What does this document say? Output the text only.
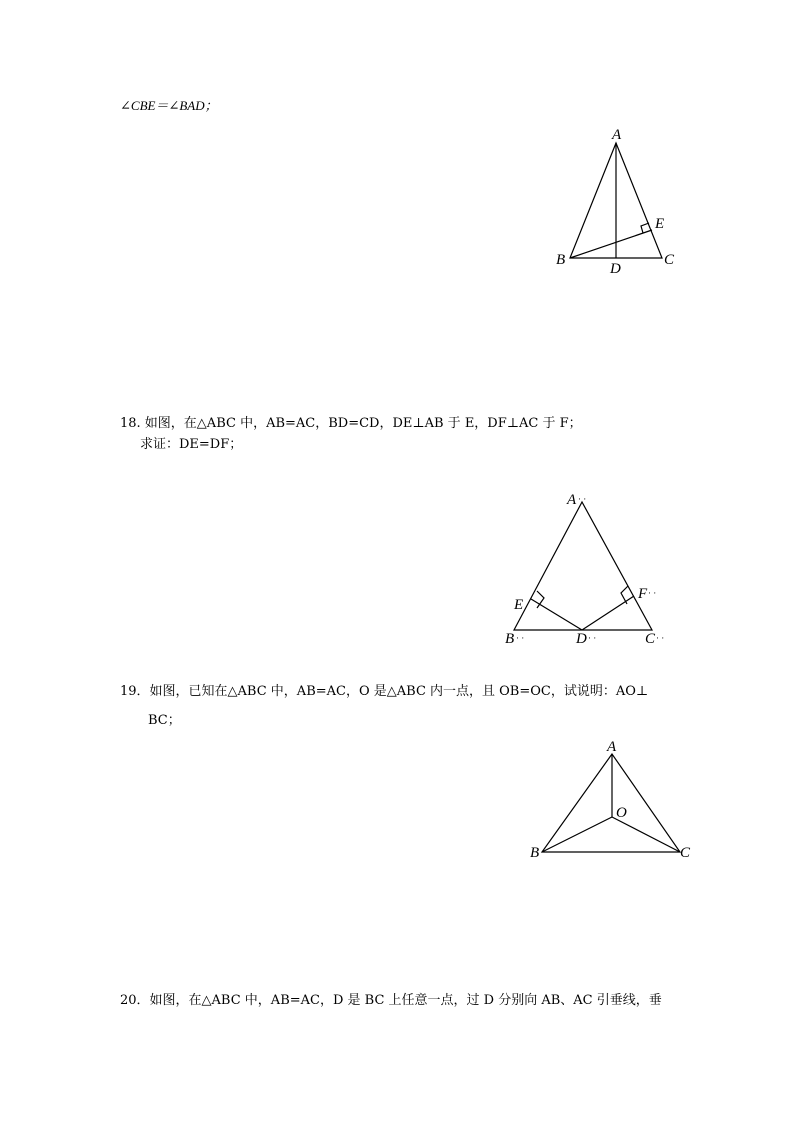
∠CBE＝∠BAD；
A
B	C
D
E
18. 如图，在△ABC 中，AB=AC，BD=CD，DE⊥AB 于 E，DF⊥AC 于 F；
求证：DE=DF；
A · ·
B · ·	C · ·
D · ·
E
F · ·
19．如图，已知在△ABC 中，AB=AC，O 是△ABC 内一点，且 OB=OC，试说明：AO⊥
BC；
A
B	C
O
20．如图，在△ABC 中，AB=AC，D 是 BC 上任意一点，过 D 分别向 AB、AC 引垂线，垂
